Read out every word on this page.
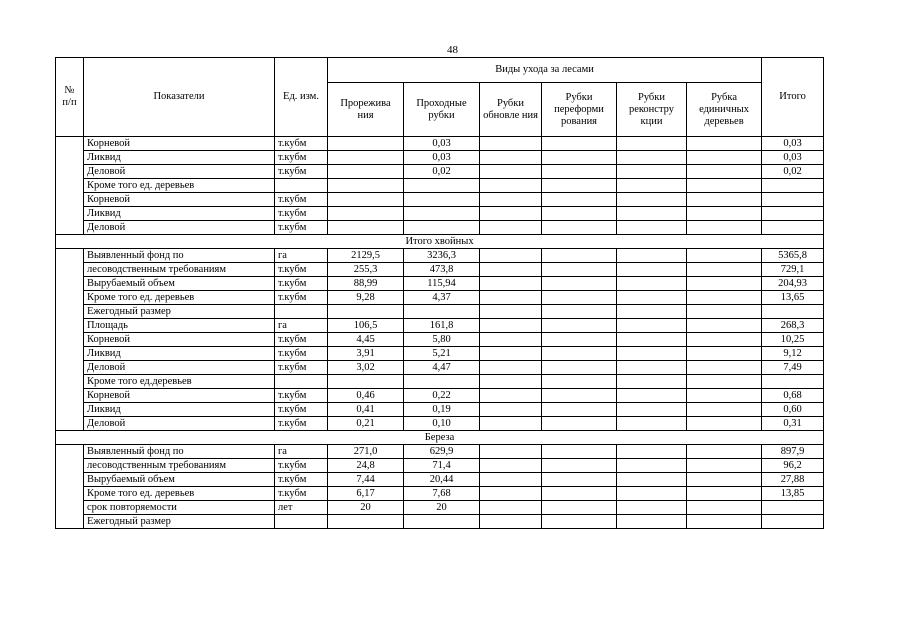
48
№ п/п	Показатели	Ед. изм.	Виды ухода за лесами						Итого
			Прорежива ния	Проходные рубки	Рубки обновле ния	Рубки переформи рования	Рубки реконстру кции	Рубка единичных деревьев	
	Корневой	т.кубм		0,03					0,03
	Ликвид	т.кубм		0,03					0,03
	Деловой	т.кубм		0,02					0,02
	Кроме того ед. деревьев								
	Корневой	т.кубм							
	Ликвид	т.кубм							
	Деловой	т.кубм							
Итого хвойных									
	Выявленный фонд по	га	2129,5	3236,3					5365,8
	лесоводственным требованиям	т.кубм	255,3	473,8					729,1
	Вырубаемый объем	т.кубм	88,99	115,94					204,93
	Кроме того ед. деревьев	т.кубм	9,28	4,37					13,65
	Ежегодный размер								
	Площадь	га	106,5	161,8					268,3
	Корневой	т.кубм	4,45	5,80					10,25
	Ликвид	т.кубм	3,91	5,21					9,12
	Деловой	т.кубм	3,02	4,47					7,49
	Кроме того ед.деревьев								
	Корневой	т.кубм	0,46	0,22					0,68
	Ликвид	т.кубм	0,41	0,19					0,60
	Деловой	т.кубм	0,21	0,10					0,31
Береза									
	Выявленный фонд по	га	271,0	629,9					897,9
	лесоводственным требованиям	т.кубм	24,8	71,4					96,2
	Вырубаемый объем	т.кубм	7,44	20,44					27,88
	Кроме того ед. деревьев	т.кубм	6,17	7,68					13,85
	срок повторяемости	лет	20	20					
	Ежегодный размер								
